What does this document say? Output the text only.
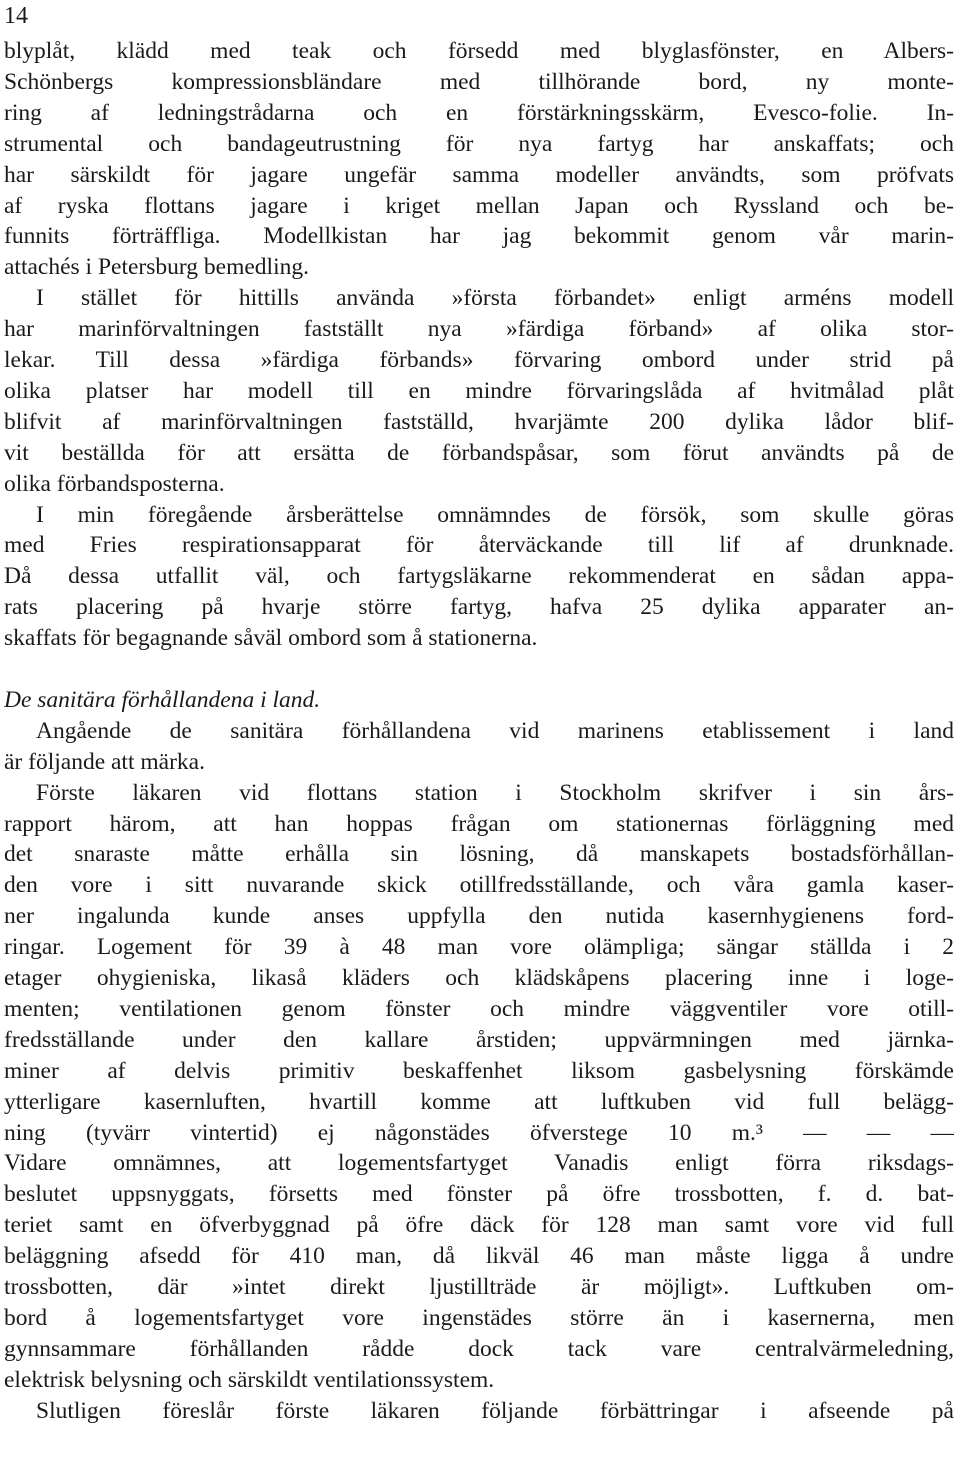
14

blyplåt, klädd med teak och försedd med blyglasfönster, en Albers-
Schönbergs kompressionsbländare med tillhörande bord, ny monte-
ring af ledningstrådarna och en förstärkningsskärm, Evesco-folie. In-
strumental och bandageutrustning för nya fartyg har anskaffats; och
har särskildt för jagare ungefär samma modeller användts, som pröfvats
af ryska flottans jagare i kriget mellan Japan och Ryssland och be-
funnits förträffliga. Modellkistan har jag bekommit genom vår marin-
attachés i Petersburg bemedling.
I stället för hittills använda »första förbandet» enligt arméns modell
har marinförvaltningen fastställt nya »färdiga förband» af olika stor-
lekar. Till dessa »färdiga förbands» förvaring ombord under strid på
olika platser har modell till en mindre förvaringslåda af hvitmålad plåt
blifvit af marinförvaltningen fastställd, hvarjämte 200 dylika lådor blif-
vit beställda för att ersätta de förbandspåsar, som förut användts på de
olika förbandsposterna.
I min föregående årsberättelse omnämndes de försök, som skulle göras
med Fries respirationsapparat för återväckande till lif af drunknade.
Då dessa utfallit väl, och fartygsläkarne rekommenderat en sådan appa-
rats placering på hvarje större fartyg, hafva 25 dylika apparater an-
skaffats för begagnande såväl ombord som å stationerna.
De sanitära förhållandena i land.
Angående de sanitära förhållandena vid marinens etablissement i land
är följande att märka.
Förste läkaren vid flottans station i Stockholm skrifver i sin års-
rapport härom, att han hoppas frågan om stationernas förläggning med
det snaraste måtte erhålla sin lösning, då manskapets bostadsförhållan-
den vore i sitt nuvarande skick otillfredsställande, och våra gamla kaser-
ner ingalunda kunde anses uppfylla den nutida kasernhygienens ford-
ringar. Logement för 39 à 48 man vore olämpliga; sängar ställda i 2
etager ohygieniska, likaså kläders och klädskåpens placering inne i loge-
menten; ventilationen genom fönster och mindre väggventiler vore otill-
fredsställande under den kallare årstiden; uppvärmningen med järnka-
miner af delvis primitiv beskaffenhet liksom gasbelysning förskämde
ytterligare kasernluften, hvartill komme att luftkuben vid full belägg-
ning (tyvärr vintertid) ej någonstädes öfverstege 10 m.³ — — —
Vidare omnämnes, att logementsfartyget Vanadis enligt förra riksdags-
beslutet uppsnyggats, försetts med fönster på öfre trossbotten, f. d. bat-
teriet samt en öfverbyggnad på öfre däck för 128 man samt vore vid full
beläggning afsedd för 410 man, då likväl 46 man måste ligga å undre
trossbotten, där »intet direkt ljustillträde är möjligt». Luftkuben om-
bord å logementsfartyget vore ingenstädes större än i kasernerna, men
gynnsammare förhållanden rådde dock tack vare centralvärmeledning,
elektrisk belysning och särskildt ventilationssystem.
Slutligen föreslår förste läkaren följande förbättringar i afseende på
